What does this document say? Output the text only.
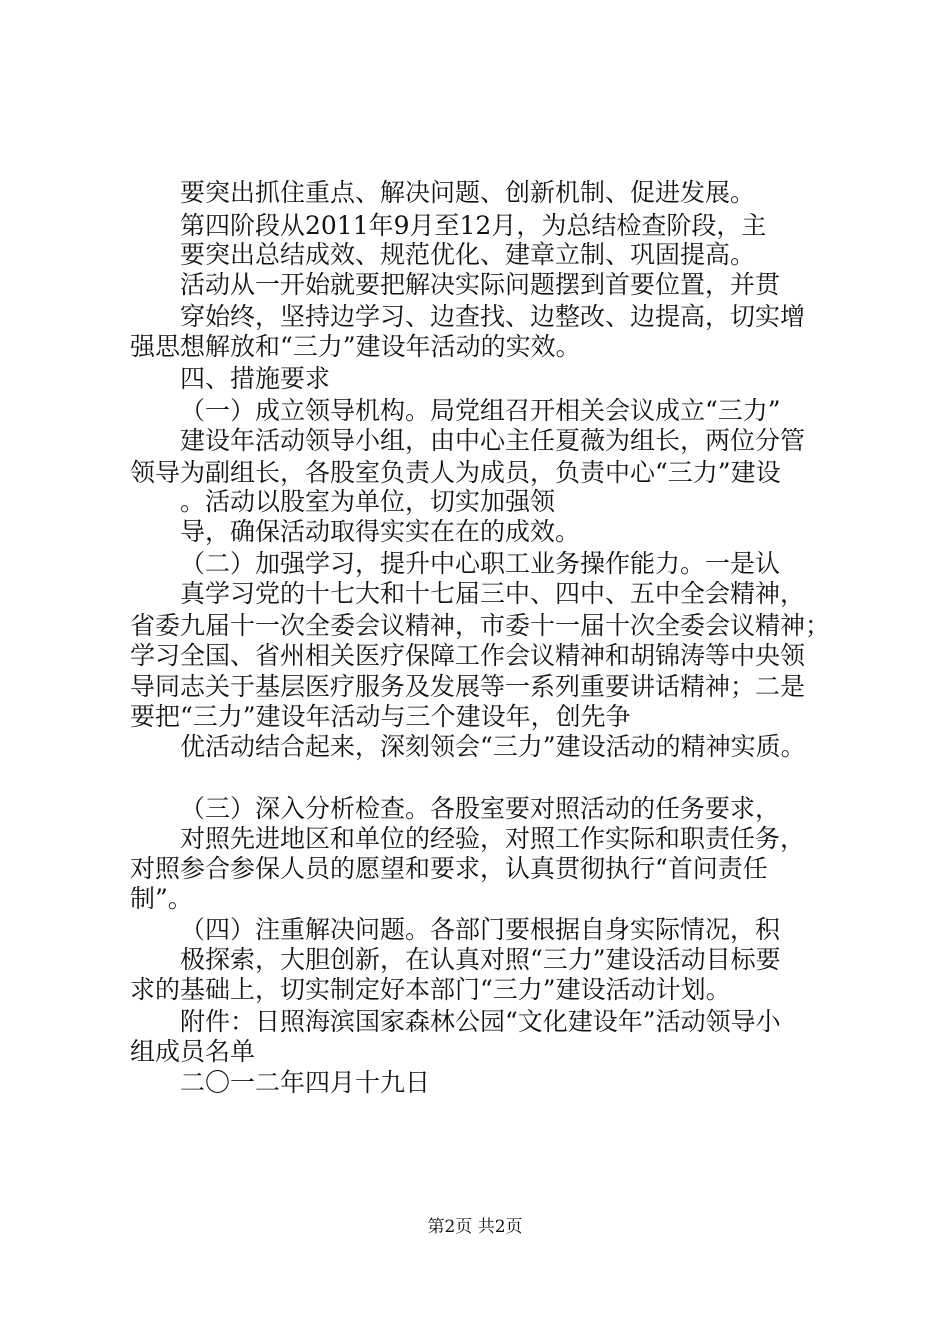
要突出抓住重点、解决问题、创新机制、促进发展。
第四阶段从2011年9月至12月，为总结检查阶段，主
要突出总结成效、规范优化、建章立制、巩固提高。
活动从一开始就要把解决实际问题摆到首要位置，并贯
穿始终，坚持边学习、边查找、边整改、边提高，切实增
强思想解放和“三力”建设年活动的实效。
四、措施要求
（一）成立领导机构。局党组召开相关会议成立“三力”
建设年活动领导小组，由中心主任夏薇为组长，两位分管
领导为副组长，各股室负责人为成员，负责中心“三力”建设
。活动以股室为单位，切实加强领
导，确保活动取得实实在在的成效。
（二）加强学习，提升中心职工业务操作能力。一是认
真学习党的十七大和十七届三中、四中、五中全会精神，
省委九届十一次全委会议精神，市委十一届十次全委会议精神；
学习全国、省州相关医疗保障工作会议精神和胡锦涛等中央领
导同志关于基层医疗服务及发展等一系列重要讲话精神；二是
要把“三力”建设年活动与三个建设年，创先争
优活动结合起来，深刻领会“三力”建设活动的精神实质。
（三）深入分析检查。各股室要对照活动的任务要求，
对照先进地区和单位的经验，对照工作实际和职责任务，
对照参合参保人员的愿望和要求，认真贯彻执行“首问责任
制”。
（四）注重解决问题。各部门要根据自身实际情况，积
极探索，大胆创新，在认真对照“三力”建设活动目标要
求的基础上，切实制定好本部门“三力”建设活动计划。
附件：日照海滨国家森林公园“文化建设年”活动领导小
组成员名单
二〇一二年四月十九日
第2页 共2页
